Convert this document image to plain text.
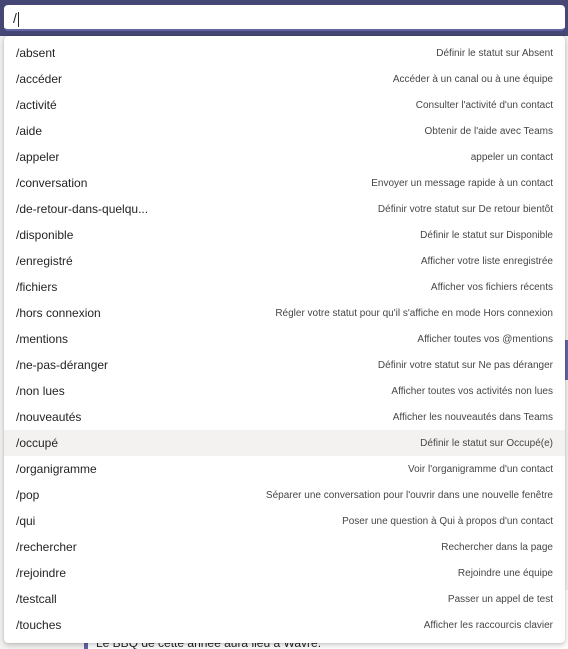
/
/absent	Définir le statut sur Absent
/accéder	Accéder à un canal ou à une équipe
/activité	Consulter l'activité d'un contact
/aide	Obtenir de l'aide avec Teams
/appeler	appeler un contact
/conversation	Envoyer un message rapide à un contact
/de-retour-dans-quelqu...	Définir votre statut sur De retour bientôt
/disponible	Définir le statut sur Disponible
/enregistré	Afficher votre liste enregistrée
/fichiers	Afficher vos fichiers récents
/hors connexion	Régler votre statut pour qu'il s'affiche en mode Hors connexion
/mentions	Afficher toutes vos @mentions
/ne-pas-déranger	Définir votre statut sur Ne pas déranger
/non lues	Afficher toutes vos activités non lues
/nouveautés	Afficher les nouveautés dans Teams
/occupé	Définir le statut sur Occupé(e)
/organigramme	Voir l'organigramme d'un contact
/pop	Séparer une conversation pour l'ouvrir dans une nouvelle fenêtre
/qui	Poser une question à Qui à propos d'un contact
/rechercher	Rechercher dans la page
/rejoindre	Rejoindre une équipe
/testcall	Passer un appel de test
/touches	Afficher les raccourcis clavier
